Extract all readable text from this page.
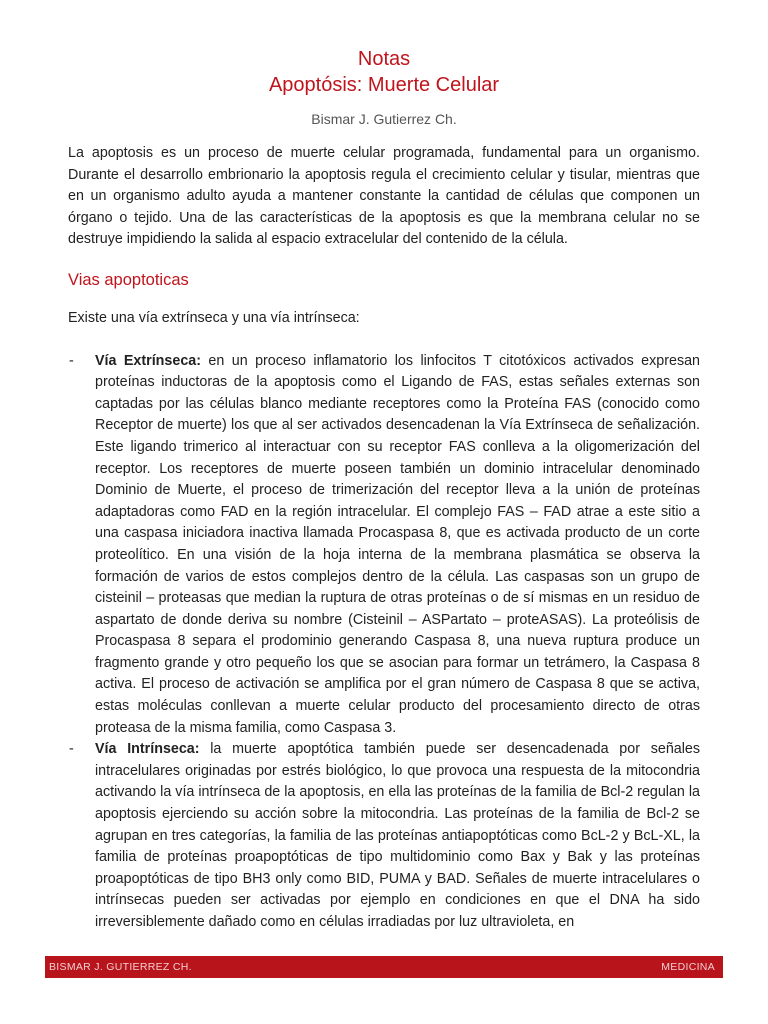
Notas
Apoptósis: Muerte Celular
Bismar J. Gutierrez Ch.

La apoptosis es un proceso de muerte celular programada, fundamental para un organismo. Durante el desarrollo embrionario la apoptosis regula el crecimiento celular y tisular, mientras que en un organismo adulto ayuda a mantener constante la cantidad de células que componen un órgano o tejido. Una de las características de la apoptosis es que la membrana celular no se destruye impidiendo la salida al espacio extracelular del contenido de la célula.

Vias apoptoticas
Existe una vía extrínseca y una vía intrínseca:
- Vía Extrínseca: en un proceso inflamatorio los linfocitos T citotóxicos activados expresan proteínas inductoras de la apoptosis como el Ligando de FAS, estas señales externas son captadas por las células blanco mediante receptores como la Proteína FAS (conocido como Receptor de muerte) los que al ser activados desencadenan la Vía Extrínseca de señalización. Este ligando trimerico al interactuar con su receptor FAS conlleva a la oligomerización del receptor. Los receptores de muerte poseen también un dominio intracelular denominado Dominio de Muerte, el proceso de trimerización del receptor lleva a la unión de proteínas adaptadoras como FAD en la región intracelular. El complejo FAS – FAD atrae a este sitio a una caspasa iniciadora inactiva llamada Procaspasa 8, que es activada producto de un corte proteolítico. En una visión de la hoja interna de la membrana plasmática se observa la formación de varios de estos complejos dentro de la célula. Las caspasas son un grupo de cisteinil – proteasas que median la ruptura de otras proteínas o de sí mismas en un residuo de aspartato de donde deriva su nombre (Cisteinil – ASPartato – proteASAS). La proteólisis de Procaspasa 8 separa el prodominio generando Caspasa 8, una nueva ruptura produce un fragmento grande y otro pequeño los que se asocian para formar un tetrámero, la Caspasa 8 activa. El proceso de activación se amplifica por el gran número de Caspasa 8 que se activa, estas moléculas conllevan a muerte celular producto del procesamiento directo de otras proteasa de la misma familia, como Caspasa 3.
- Vía Intrínseca: la muerte apoptótica también puede ser desencadenada por señales intracelulares originadas por estrés biológico, lo que provoca una respuesta de la mitocondria activando la vía intrínseca de la apoptosis, en ella las proteínas de la familia de Bcl-2 regulan la apoptosis ejerciendo su acción sobre la mitocondria. Las proteínas de la familia de Bcl-2 se agrupan en tres categorías, la familia de las proteínas antiapoptóticas como BcL-2 y BcL-XL, la familia de proteínas proapoptóticas de tipo multidominio como Bax y Bak y las proteínas proapoptóticas de tipo BH3 only como BID, PUMA y BAD. Señales de muerte intracelulares o intrínsecas pueden ser activadas por ejemplo en condiciones en que el DNA ha sido irreversiblemente dañado como en células irradiadas por luz ultravioleta, en
BISMAR J. GUTIERREZ CH.	MEDICINA
